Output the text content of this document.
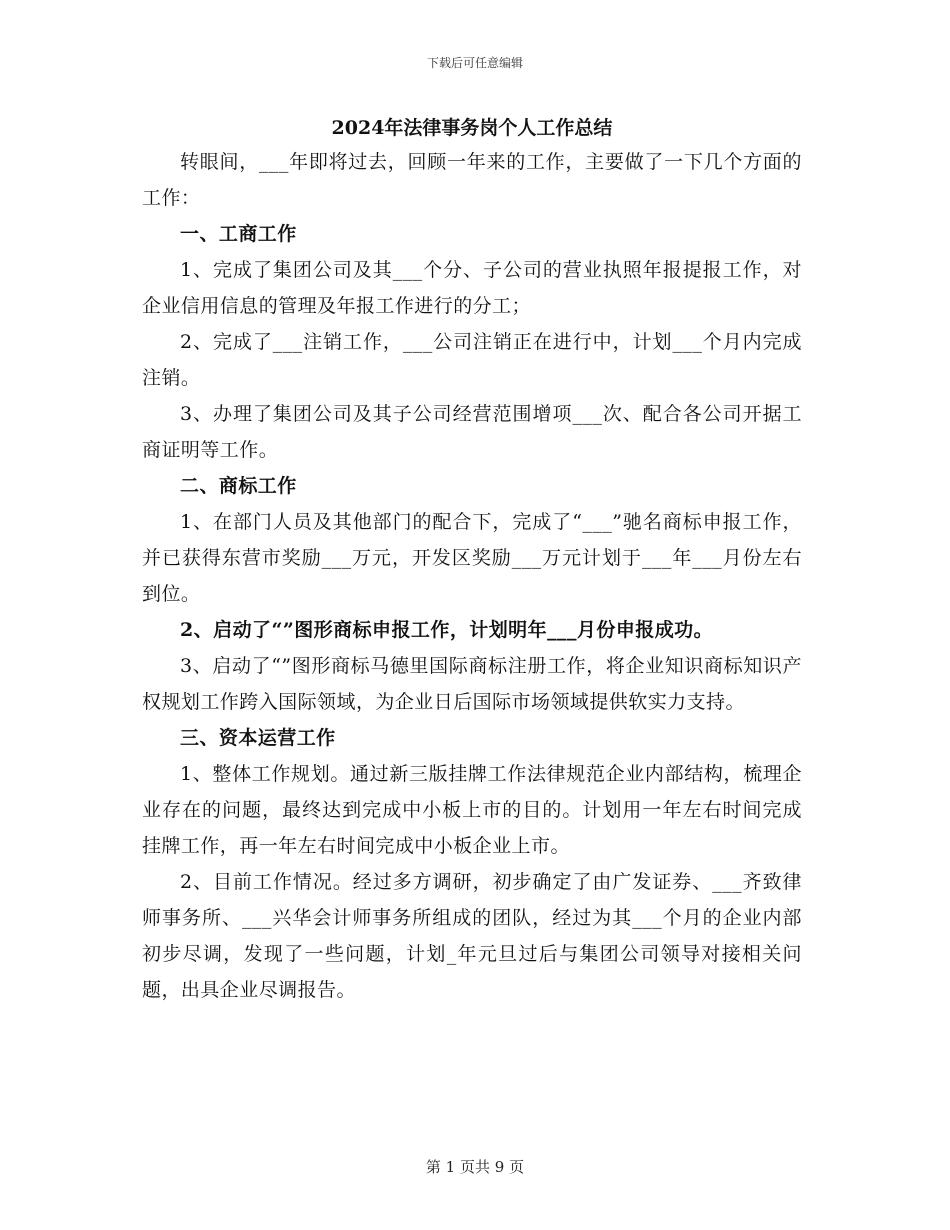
下载后可任意编辑
2024年法律事务岗个人工作总结

转眼间，___年即将过去，回顾一年来的工作，主要做了一下几个方面的工作：

一、工商工作

1、完成了集团公司及其___个分、子公司的营业执照年报提报工作，对企业信用信息的管理及年报工作进行的分工；

2、完成了___注销工作，___公司注销正在进行中，计划___个月内完成注销。

3、办理了集团公司及其子公司经营范围增项___次、配合各公司开据工商证明等工作。

二、商标工作

1、在部门人员及其他部门的配合下，完成了“___”驰名商标申报工作，并已获得东营市奖励___万元，开发区奖励___万元计划于___年___月份左右到位。

2、启动了“”图形商标申报工作，计划明年___月份申报成功。

3、启动了“”图形商标马德里国际商标注册工作，将企业知识商标知识产权规划工作跨入国际领域，为企业日后国际市场领域提供软实力支持。

三、资本运营工作

1、整体工作规划。通过新三版挂牌工作法律规范企业内部结构，梳理企业存在的问题，最终达到完成中小板上市的目的。计划用一年左右时间完成挂牌工作，再一年左右时间完成中小板企业上市。

2、目前工作情况。经过多方调研，初步确定了由广发证券、___齐致律师事务所、___兴华会计师事务所组成的团队，经过为其___个月的企业内部初步尽调，发现了一些问题，计划_年元旦过后与集团公司领导对接相关问题，出具企业尽调报告。

第 1 页共 9 页
